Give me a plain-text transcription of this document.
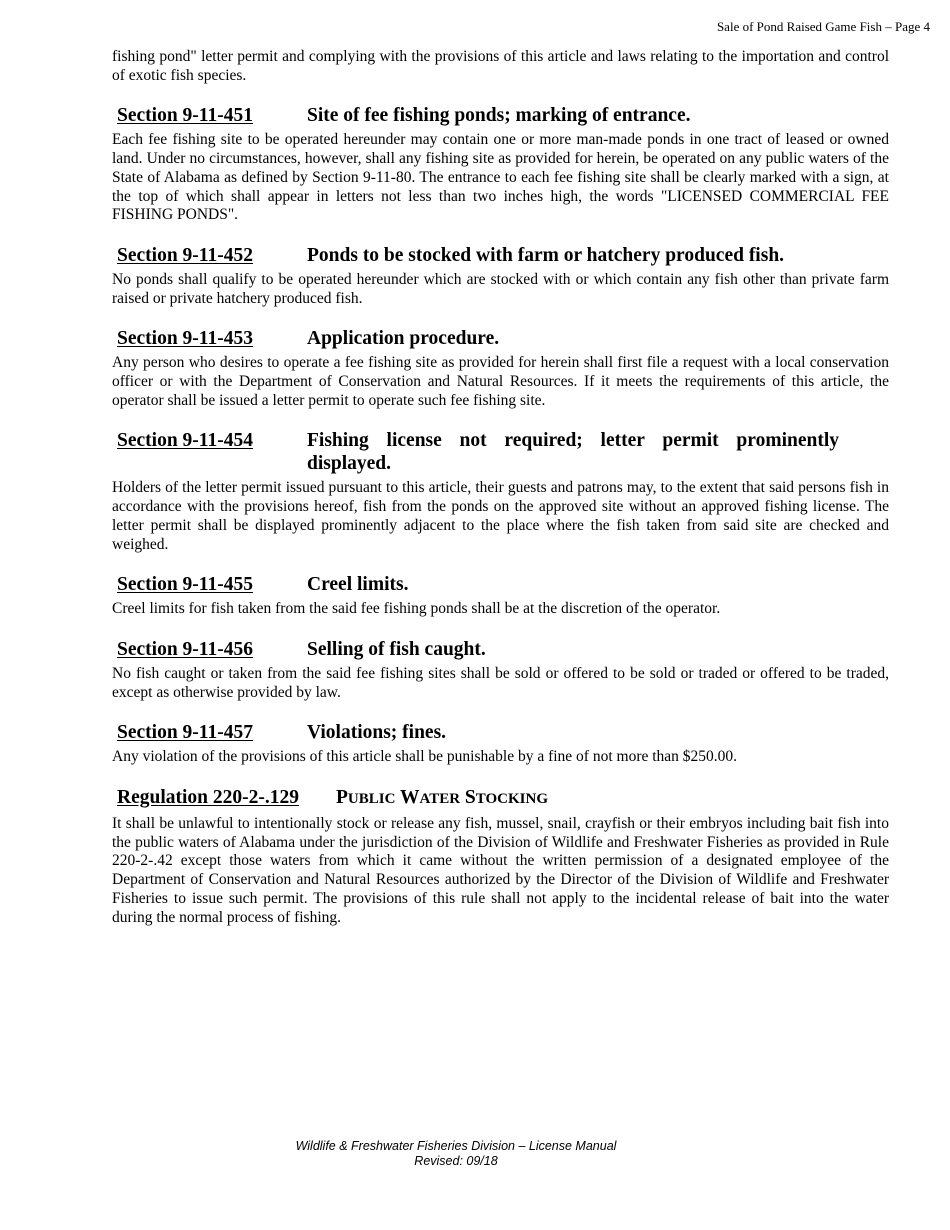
Sale of Pond Raised Game Fish – Page 4

fishing pond" letter permit and complying with the provisions of this article and laws relating to the importation and control of exotic fish species.

Section 9-11-451	Site of fee fishing ponds; marking of entrance.

Each fee fishing site to be operated hereunder may contain one or more man-made ponds in one tract of leased or owned land. Under no circumstances, however, shall any fishing site as provided for herein, be operated on any public waters of the State of Alabama as defined by Section 9-11-80. The entrance to each fee fishing site shall be clearly marked with a sign, at the top of which shall appear in letters not less than two inches high, the words "LICENSED COMMERCIAL FEE FISHING PONDS".

Section 9-11-452	Ponds to be stocked with farm or hatchery produced fish.

No ponds shall qualify to be operated hereunder which are stocked with or which contain any fish other than private farm raised or private hatchery produced fish.

Section 9-11-453	Application procedure.

Any person who desires to operate a fee fishing site as provided for herein shall first file a request with a local conservation officer or with the Department of Conservation and Natural Resources. If it meets the requirements of this article, the operator shall be issued a letter permit to operate such fee fishing site.

Section 9-11-454	Fishing license not required; letter permit prominently displayed.

Holders of the letter permit issued pursuant to this article, their guests and patrons may, to the extent that said persons fish in accordance with the provisions hereof, fish from the ponds on the approved site without an approved fishing license. The letter permit shall be displayed prominently adjacent to the place where the fish taken from said site are checked and weighed.

Section 9-11-455	Creel limits.

Creel limits for fish taken from the said fee fishing ponds shall be at the discretion of the operator.

Section 9-11-456	Selling of fish caught.

No fish caught or taken from the said fee fishing sites shall be sold or offered to be sold or traded or offered to be traded, except as otherwise provided by law.

Section 9-11-457	Violations; fines.

Any violation of the provisions of this article shall be punishable by a fine of not more than $250.00.

Regulation 220-2-.129	PUBLIC WATER STOCKING

It shall be unlawful to intentionally stock or release any fish, mussel, snail, crayfish or their embryos including bait fish into the public waters of Alabama under the jurisdiction of the Division of Wildlife and Freshwater Fisheries as provided in Rule 220-2-.42 except those waters from which it came without the written permission of a designated employee of the Department of Conservation and Natural Resources authorized by the Director of the Division of Wildlife and Freshwater Fisheries to issue such permit. The provisions of this rule shall not apply to the incidental release of bait into the water during the normal process of fishing.

Wildlife & Freshwater Fisheries Division – License Manual
Revised: 09/18
